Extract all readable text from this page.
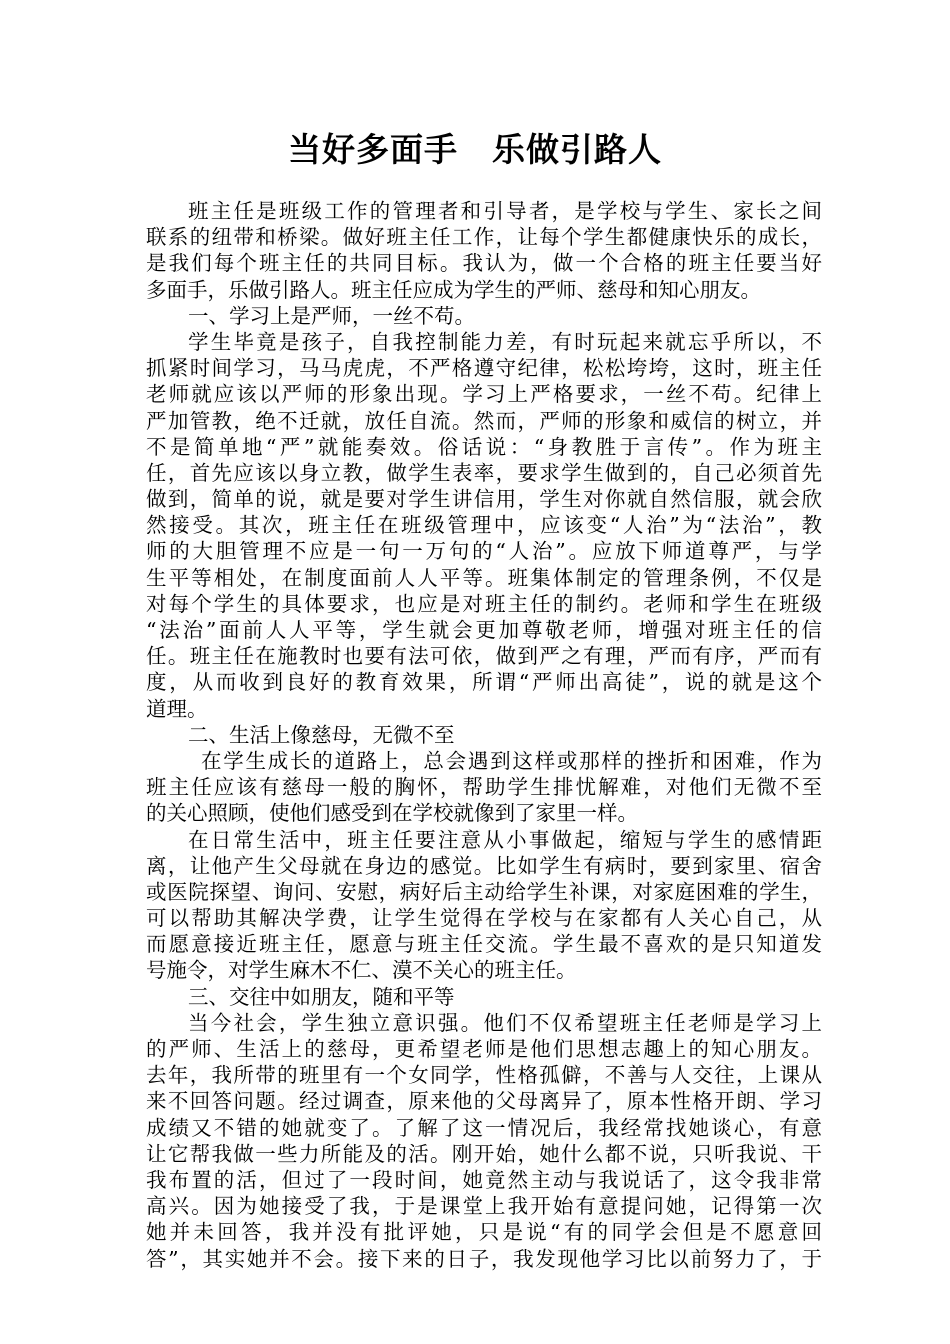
当好多面手　乐做引路人
班主任是班级工作的管理者和引导者，是学校与学生、家长之间
联系的纽带和桥梁。做好班主任工作，让每个学生都健康快乐的成长，
是我们每个班主任的共同目标。我认为，做一个合格的班主任要当好
多面手，乐做引路人。班主任应成为学生的严师、慈母和知心朋友。
一、学习上是严师，一丝不苟。
学生毕竟是孩子，自我控制能力差，有时玩起来就忘乎所以，不
抓紧时间学习，马马虎虎，不严格遵守纪律，松松垮垮，这时，班主任
老师就应该以严师的形象出现。学习上严格要求，一丝不苟。纪律上
严加管教，绝不迁就，放任自流。然而，严师的形象和威信的树立，并
不是简单地“严”就能奏效。俗话说：“身教胜于言传”。作为班主
任，首先应该以身立教，做学生表率，要求学生做到的，自己必须首先
做到，简单的说，就是要对学生讲信用，学生对你就自然信服，就会欣
然接受。其次，班主任在班级管理中，应该变“人治”为“法治”，教
师的大胆管理不应是一句一万句的“人治”。应放下师道尊严，与学
生平等相处，在制度面前人人平等。班集体制定的管理条例，不仅是
对每个学生的具体要求，也应是对班主任的制约。老师和学生在班级
“法治”面前人人平等，学生就会更加尊敬老师，增强对班主任的信
任。班主任在施教时也要有法可依，做到严之有理，严而有序，严而有
度，从而收到良好的教育效果，所谓“严师出高徒”，说的就是这个
道理。
二、生活上像慈母，无微不至
在学生成长的道路上，总会遇到这样或那样的挫折和困难，作为
班主任应该有慈母一般的胸怀，帮助学生排忧解难，对他们无微不至
的关心照顾，使他们感受到在学校就像到了家里一样。
在日常生活中，班主任要注意从小事做起，缩短与学生的感情距
离，让他产生父母就在身边的感觉。比如学生有病时，要到家里、宿舍
或医院探望、询问、安慰，病好后主动给学生补课，对家庭困难的学生，
可以帮助其解决学费，让学生觉得在学校与在家都有人关心自己，从
而愿意接近班主任，愿意与班主任交流。学生最不喜欢的是只知道发
号施令，对学生麻木不仁、漠不关心的班主任。
三、交往中如朋友，随和平等
当今社会，学生独立意识强。他们不仅希望班主任老师是学习上
的严师、生活上的慈母，更希望老师是他们思想志趣上的知心朋友。
去年，我所带的班里有一个女同学，性格孤僻，不善与人交往，上课从
来不回答问题。经过调查，原来他的父母离异了，原本性格开朗、学习
成绩又不错的她就变了。了解了这一情况后，我经常找她谈心，有意
让它帮我做一些力所能及的活。刚开始，她什么都不说，只听我说、干
我布置的活，但过了一段时间，她竟然主动与我说话了，这令我非常
高兴。因为她接受了我，于是课堂上我开始有意提问她，记得第一次
她并未回答，我并没有批评她，只是说“有的同学会但是不愿意回
答”，其实她并不会。接下来的日子，我发现他学习比以前努力了，于
